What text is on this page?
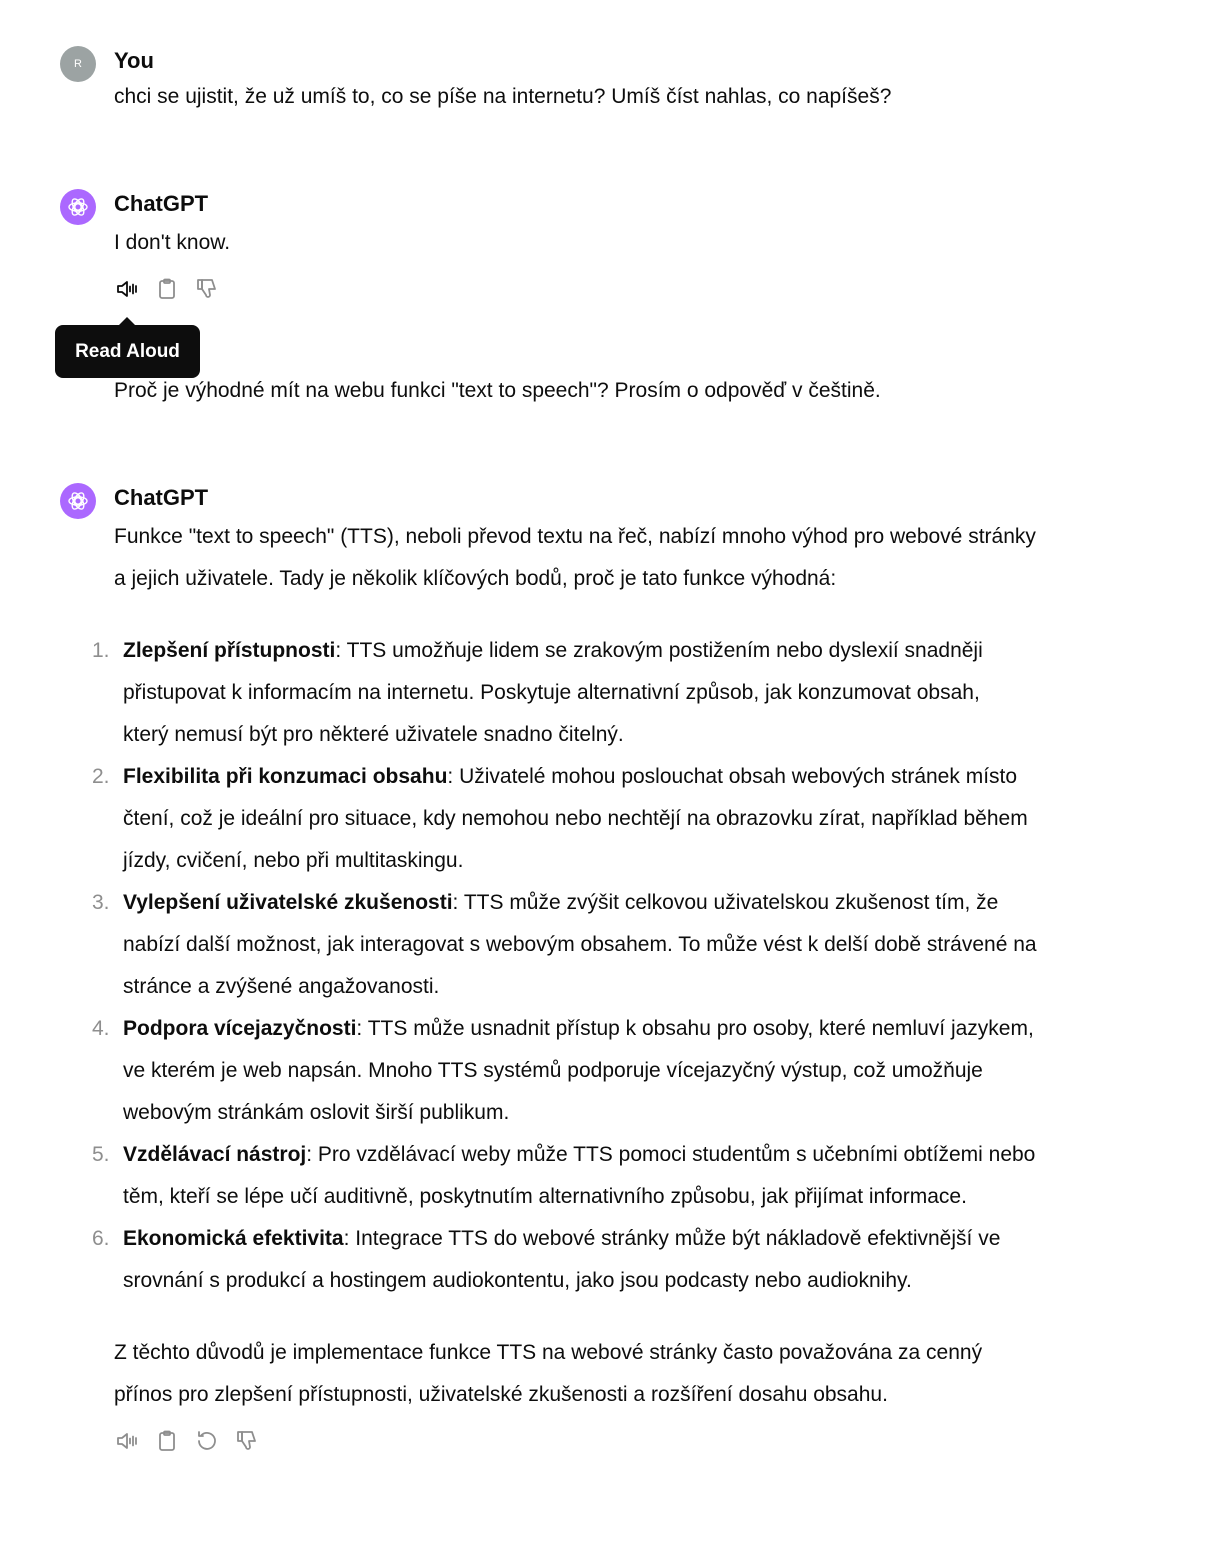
R You
chci se ujistit, že už umíš to, co se píše na internetu? Umíš číst nahlas, co napíšeš?
ChatGPT
I don't know.
Read Aloud
Proč je výhodné mít na webu funkci "text to speech"? Prosím o odpověď v češtině.
ChatGPT
Funkce "text to speech" (TTS), neboli převod textu na řeč, nabízí mnoho výhod pro webové stránky
a jejich uživatele. Tady je několik klíčových bodů, proč je tato funkce výhodná:
1. Zlepšení přístupnosti: TTS umožňuje lidem se zrakovým postižením nebo dyslexií snadněji
přistupovat k informacím na internetu. Poskytuje alternativní způsob, jak konzumovat obsah,
který nemusí být pro některé uživatele snadno čitelný.
2. Flexibilita při konzumaci obsahu: Uživatelé mohou poslouchat obsah webových stránek místo
čtení, což je ideální pro situace, kdy nemohou nebo nechtějí na obrazovku zírat, například během
jízdy, cvičení, nebo při multitaskingu.
3. Vylepšení uživatelské zkušenosti: TTS může zvýšit celkovou uživatelskou zkušenost tím, že
nabízí další možnost, jak interagovat s webovým obsahem. To může vést k delší době strávené na
stránce a zvýšené angažovanosti.
4. Podpora vícejazyčnosti: TTS může usnadnit přístup k obsahu pro osoby, které nemluví jazykem,
ve kterém je web napsán. Mnoho TTS systémů podporuje vícejazyčný výstup, což umožňuje
webovým stránkám oslovit širší publikum.
5. Vzdělávací nástroj: Pro vzdělávací weby může TTS pomoci studentům s učebními obtížemi nebo
těm, kteří se lépe učí auditivně, poskytnutím alternativního způsobu, jak přijímat informace.
6. Ekonomická efektivita: Integrace TTS do webové stránky může být nákladově efektivnější ve
srovnání s produkcí a hostingem audiokontentu, jako jsou podcasty nebo audioknihy.
Z těchto důvodů je implementace funkce TTS na webové stránky často považována za cenný
přínos pro zlepšení přístupnosti, uživatelské zkušenosti a rozšíření dosahu obsahu.
